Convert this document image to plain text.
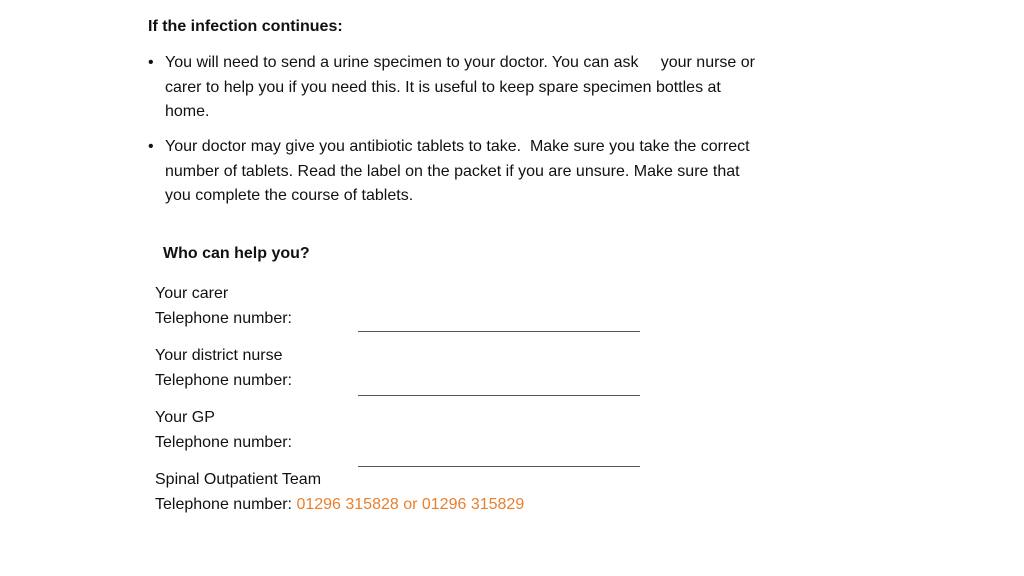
If the infection continues:
• You will need to send a urine specimen to your doctor. You can ask     your nurse or
carer to help you if you need this. It is useful to keep spare specimen bottles at
home.
• Your doctor may give you antibiotic tablets to take.  Make sure you take the correct
number of tablets. Read the label on the packet if you are unsure. Make sure that
you complete the course of tablets.
Who can help you?
Your carer
Telephone number:
Your district nurse
Telephone number:
Your GP
Telephone number:
Spinal Outpatient Team
Telephone number: 01296 315828 or 01296 315829
